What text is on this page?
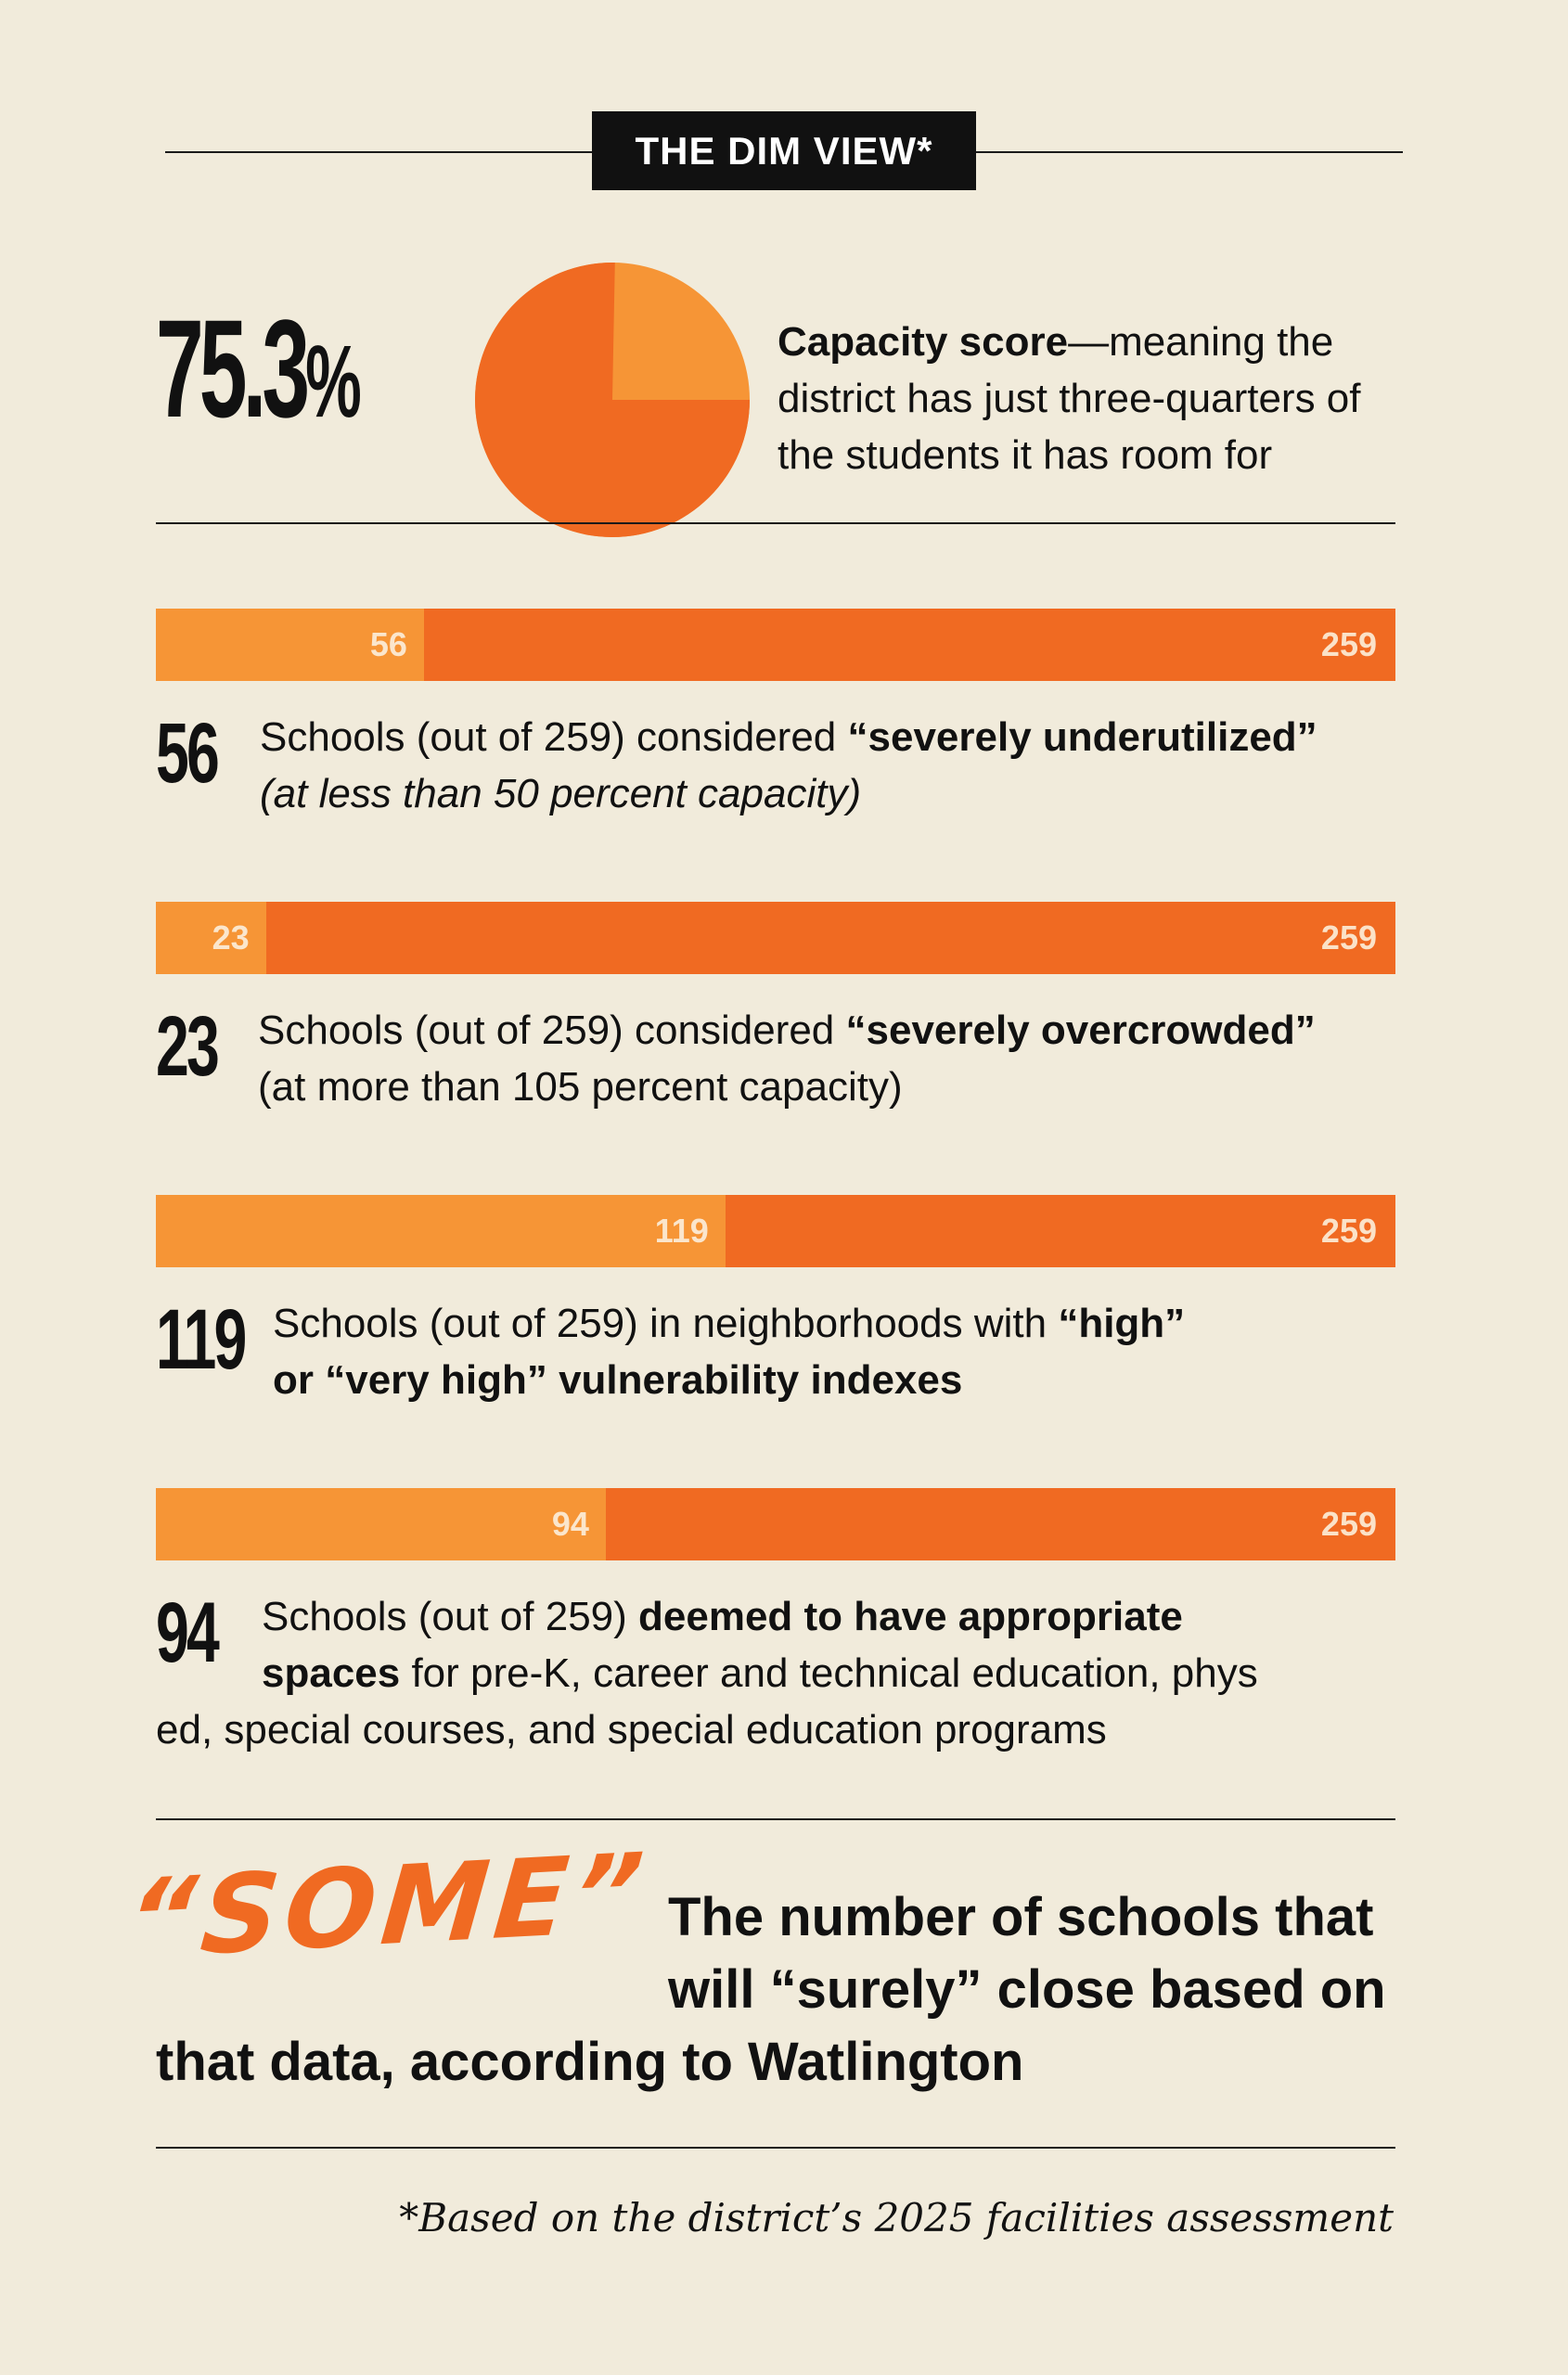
THE DIM VIEW*
75.3%	Capacity score—meaning the
district has just three-quarters of
the students it has room for
56	259
56 Schools (out of 259) considered “severely underutilized”
(at less than 50 percent capacity)
23	259
23 Schools (out of 259) considered “severely overcrowded”
(at more than 105 percent capacity)
119	259
119 Schools (out of 259) in neighborhoods with “high”
or “very high” vulnerability indexes
94	259
94 Schools (out of 259) deemed to have appropriate
spaces for pre-K, career and technical education, phys
ed, special courses, and special education programs
“SOME” The number of schools that
will “surely” close based on
that data, according to Watlington
*Based on the district’s 2025 facilities assessment
